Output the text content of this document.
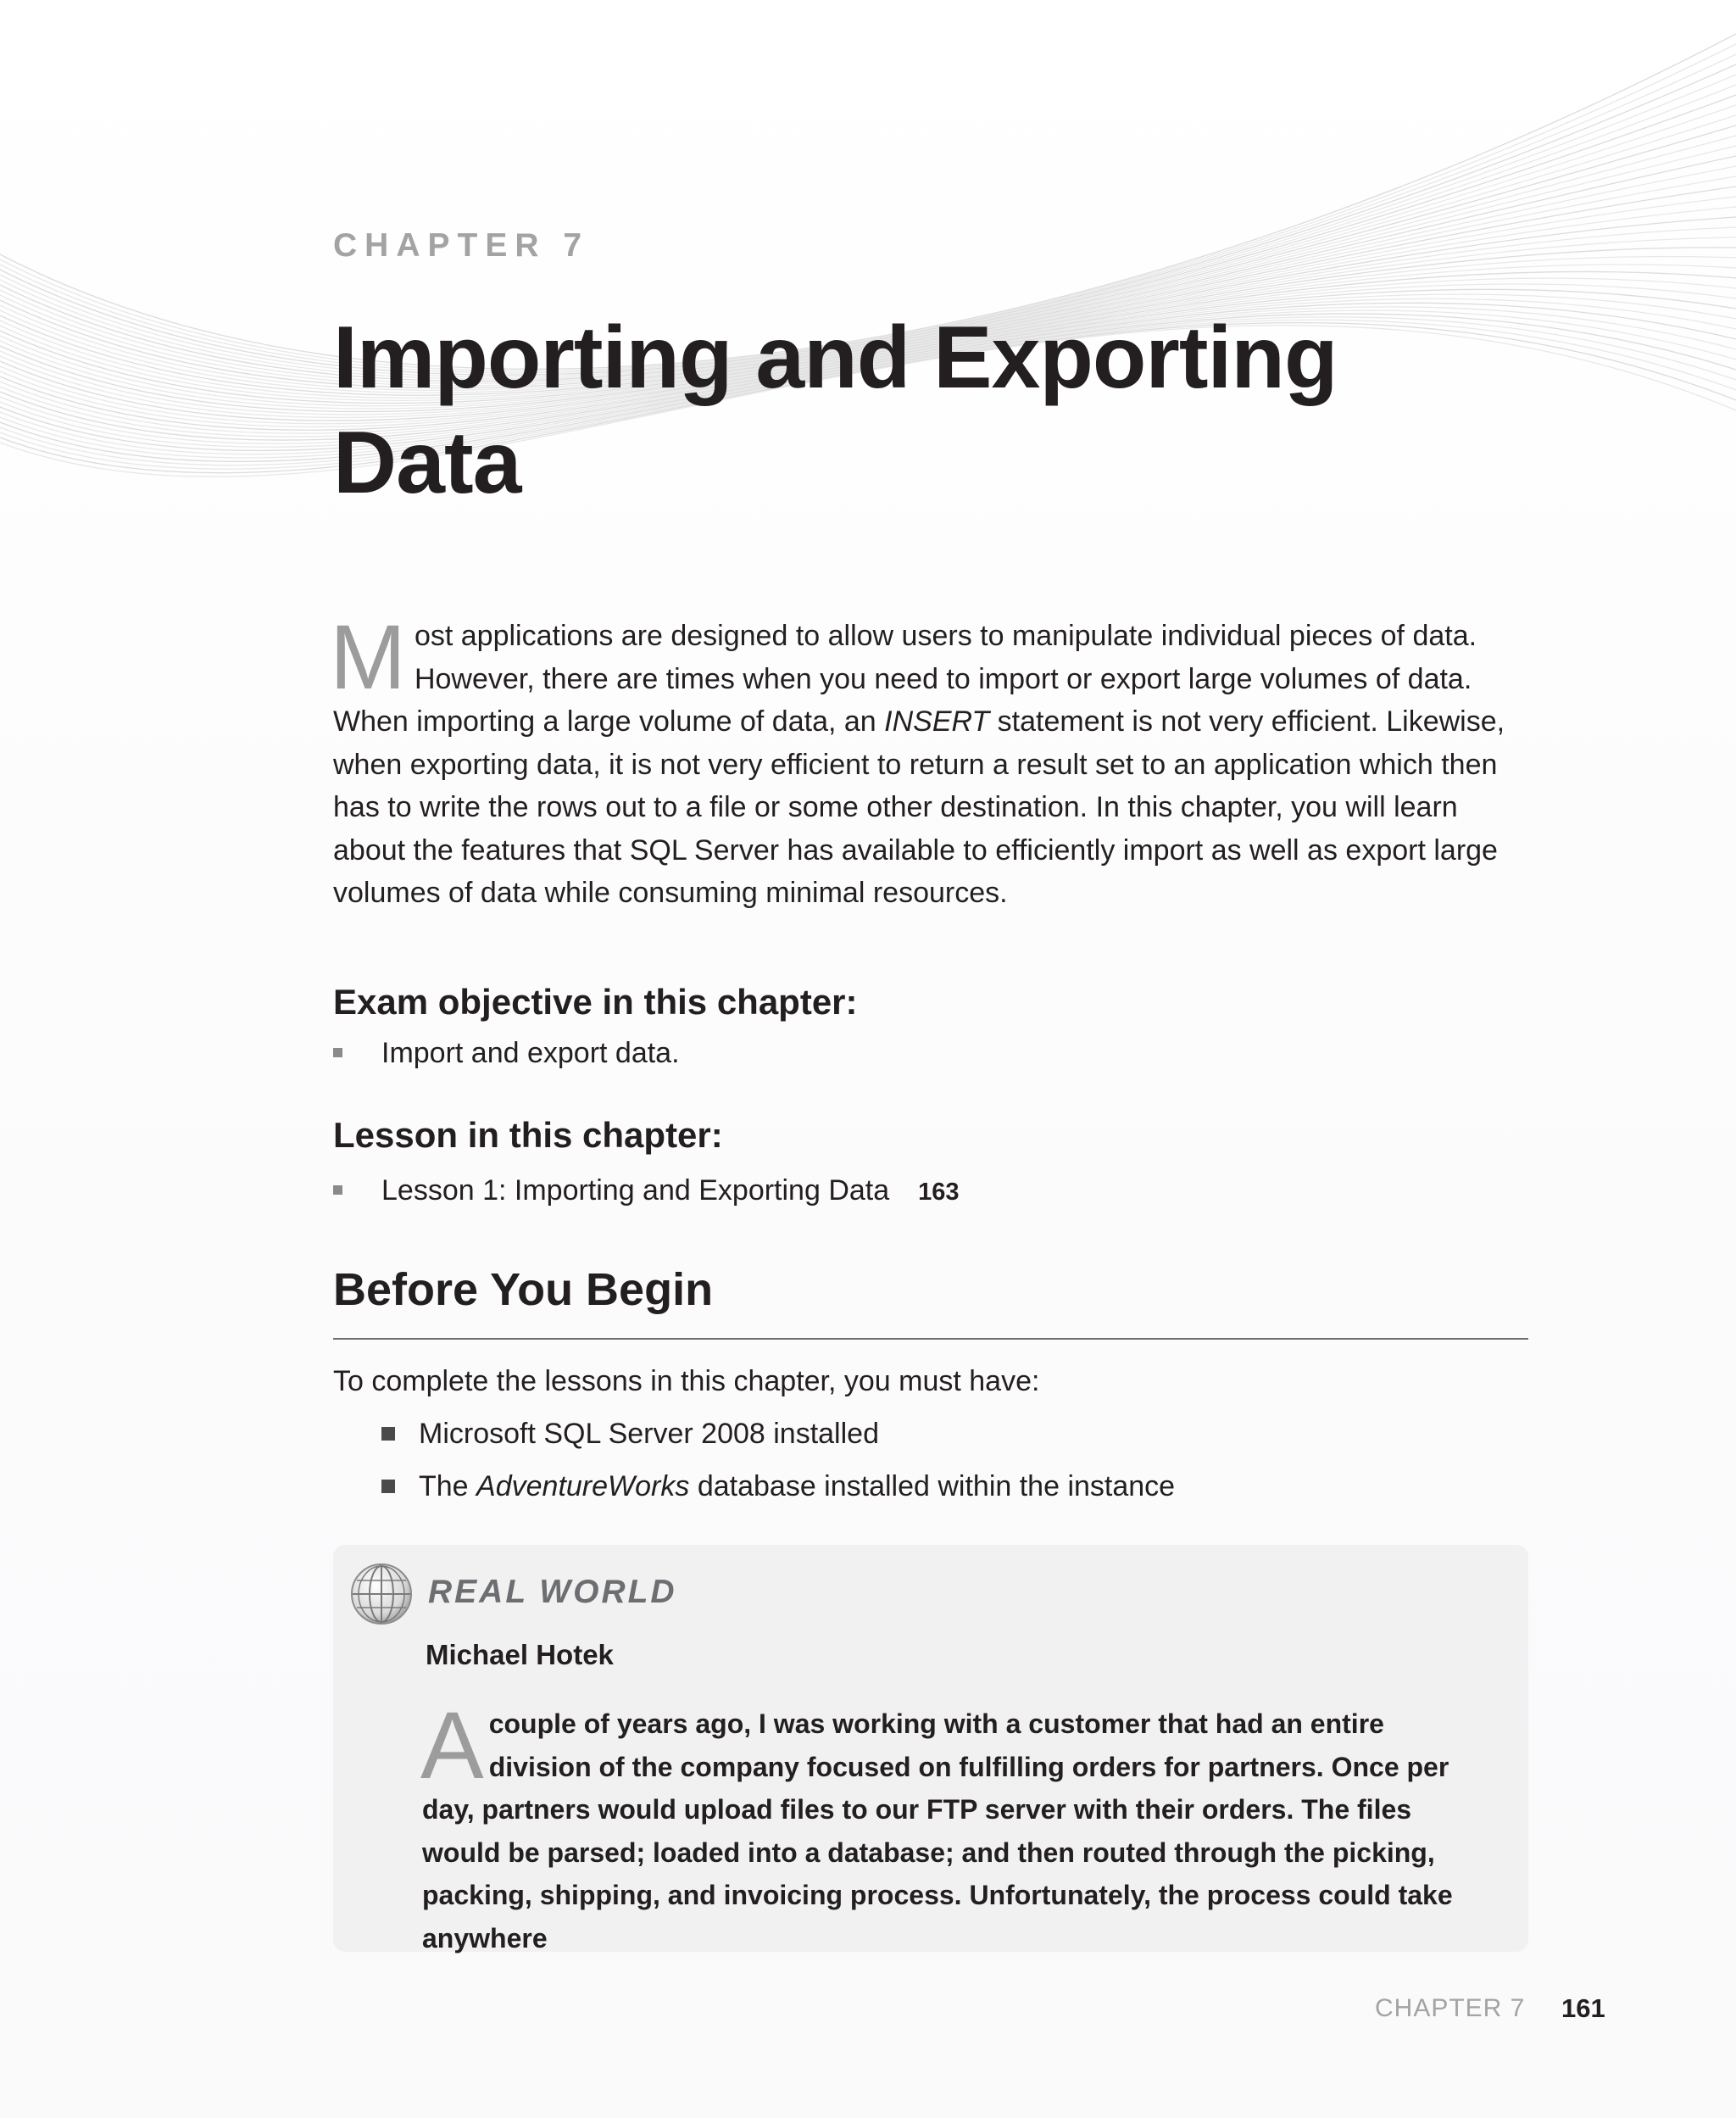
CHAPTER 7
Importing and Exporting Data
M ost applications are designed to allow users to manipulate individual pieces of data. However, there are times when you need to import or export large volumes of data. When importing a large volume of data, an INSERT statement is not very efficient. Likewise, when exporting data, it is not very efficient to return a result set to an application which then has to write the rows out to a file or some other destination. In this chapter, you will learn about the features that SQL Server has available to efficiently import as well as export large volumes of data while consuming minimal resources.
Exam objective in this chapter:
Import and export data.
Lesson in this chapter:
Lesson 1: Importing and Exporting Data 163
Before You Begin
To complete the lessons in this chapter, you must have:
Microsoft SQL Server 2008 installed
The AdventureWorks database installed within the instance
REAL WORLD
Michael Hotek
A couple of years ago, I was working with a customer that had an entire division of the company focused on fulfilling orders for partners. Once per day, partners would upload files to our FTP server with their orders. The files would be parsed; loaded into a database; and then routed through the picking, packing, shipping, and invoicing process. Unfortunately, the process could take anywhere
CHAPTER 7 161
